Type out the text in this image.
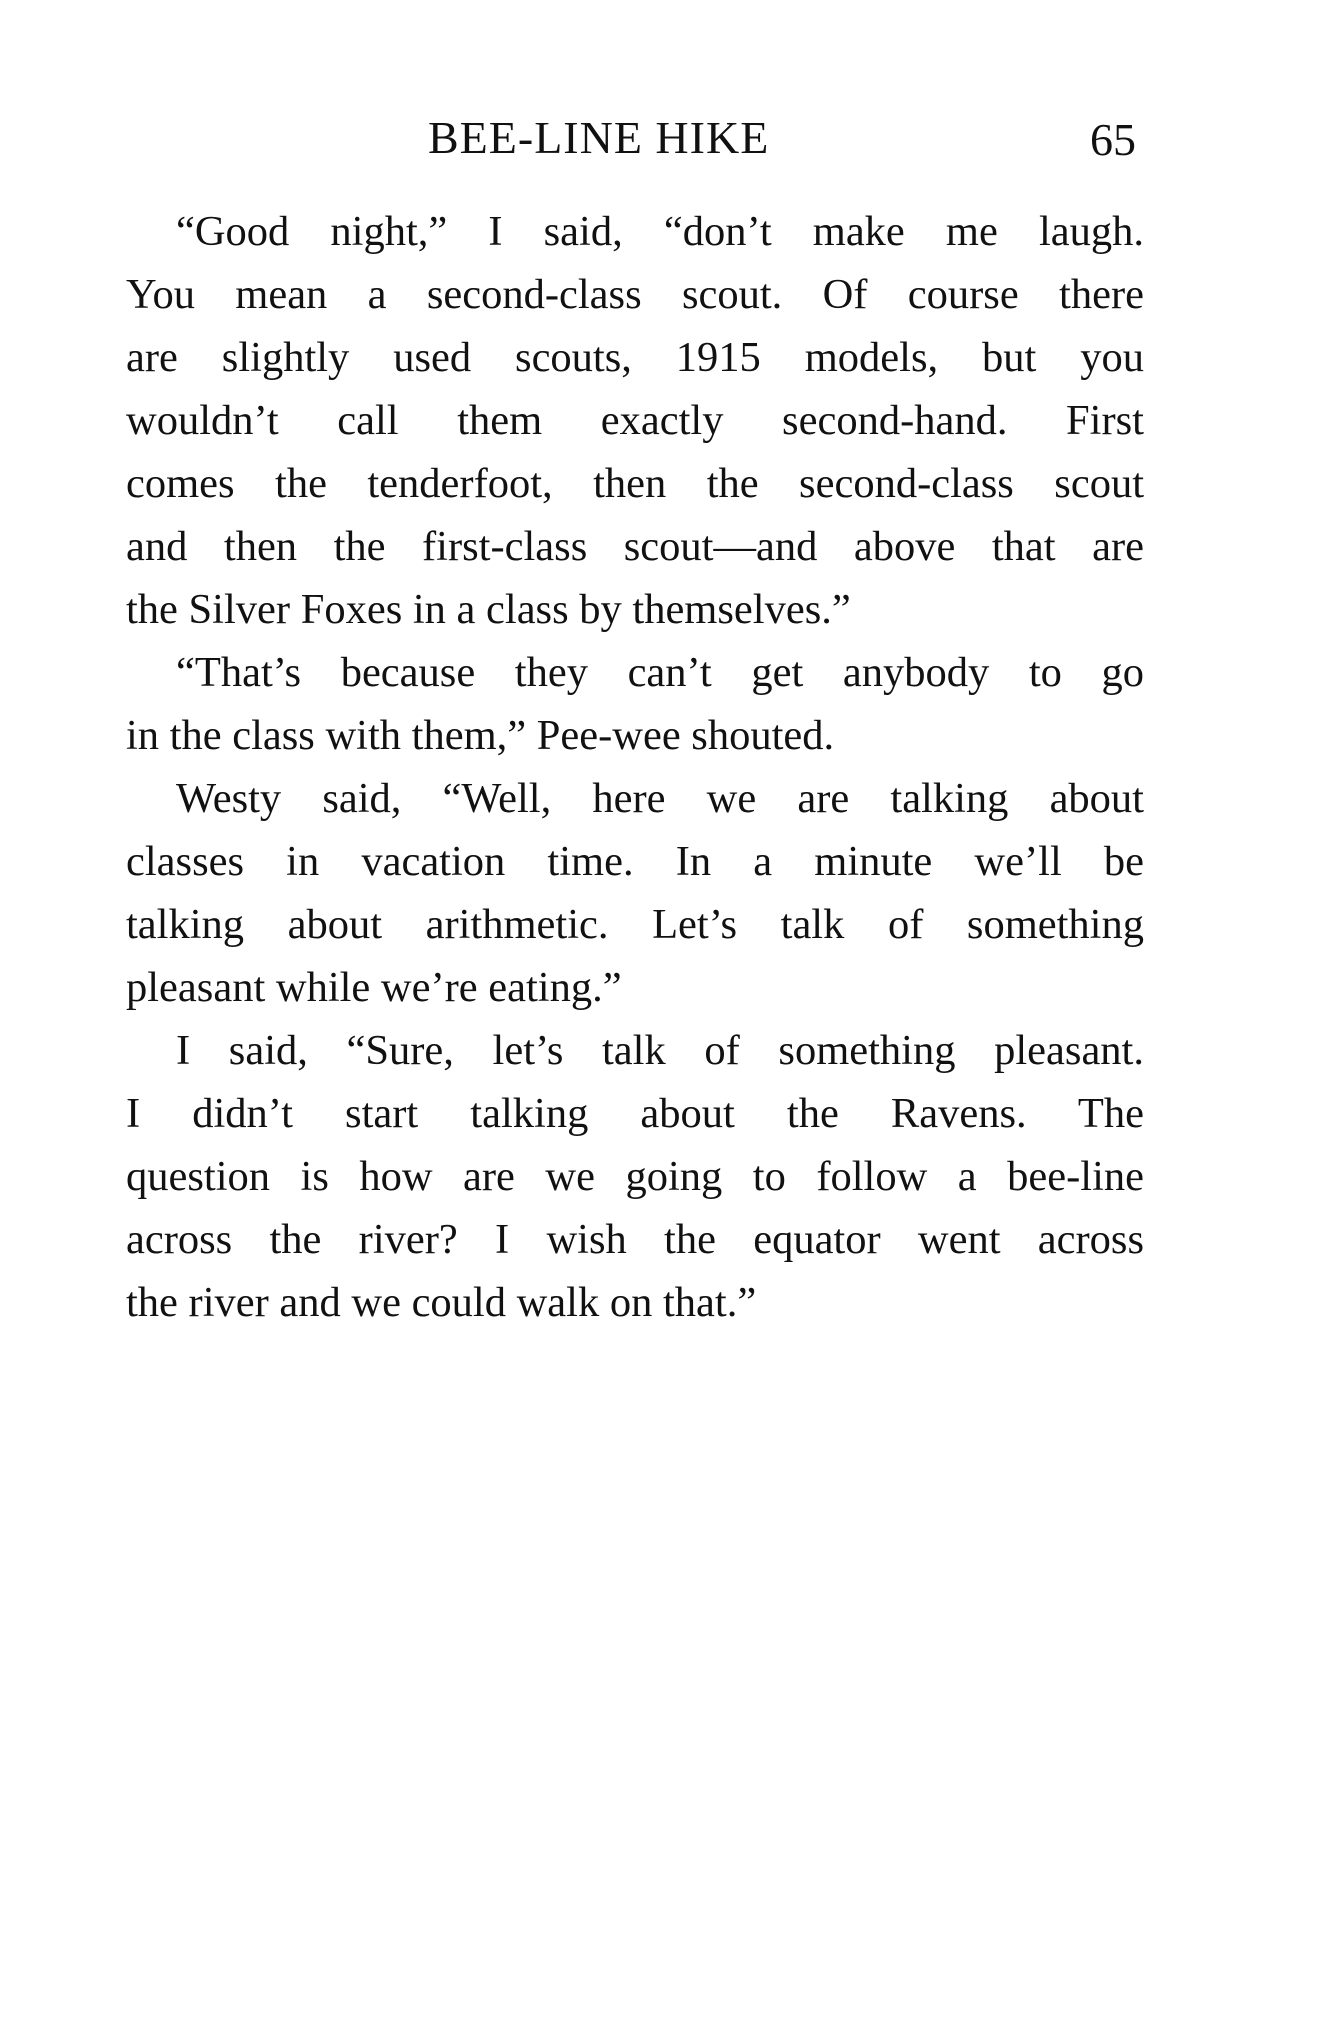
BEE-LINE HIKE	65
“Good night,” I said, “don’t make me laugh.
You mean a second-class scout. Of course there
are slightly used scouts, 1915 models, but you
wouldn’t call them exactly second-hand. First
comes the tenderfoot, then the second-class scout
and then the first-class scout—and above that are
the Silver Foxes in a class by themselves.”
“That’s because they can’t get anybody to go
in the class with them,” Pee-wee shouted.
Westy said, “Well, here we are talking about
classes in vacation time. In a minute we’ll be
talking about arithmetic. Let’s talk of something
pleasant while we’re eating.”
I said, “Sure, let’s talk of something pleasant.
I didn’t start talking about the Ravens. The
question is how are we going to follow a bee-line
across the river? I wish the equator went across
the river and we could walk on that.”
